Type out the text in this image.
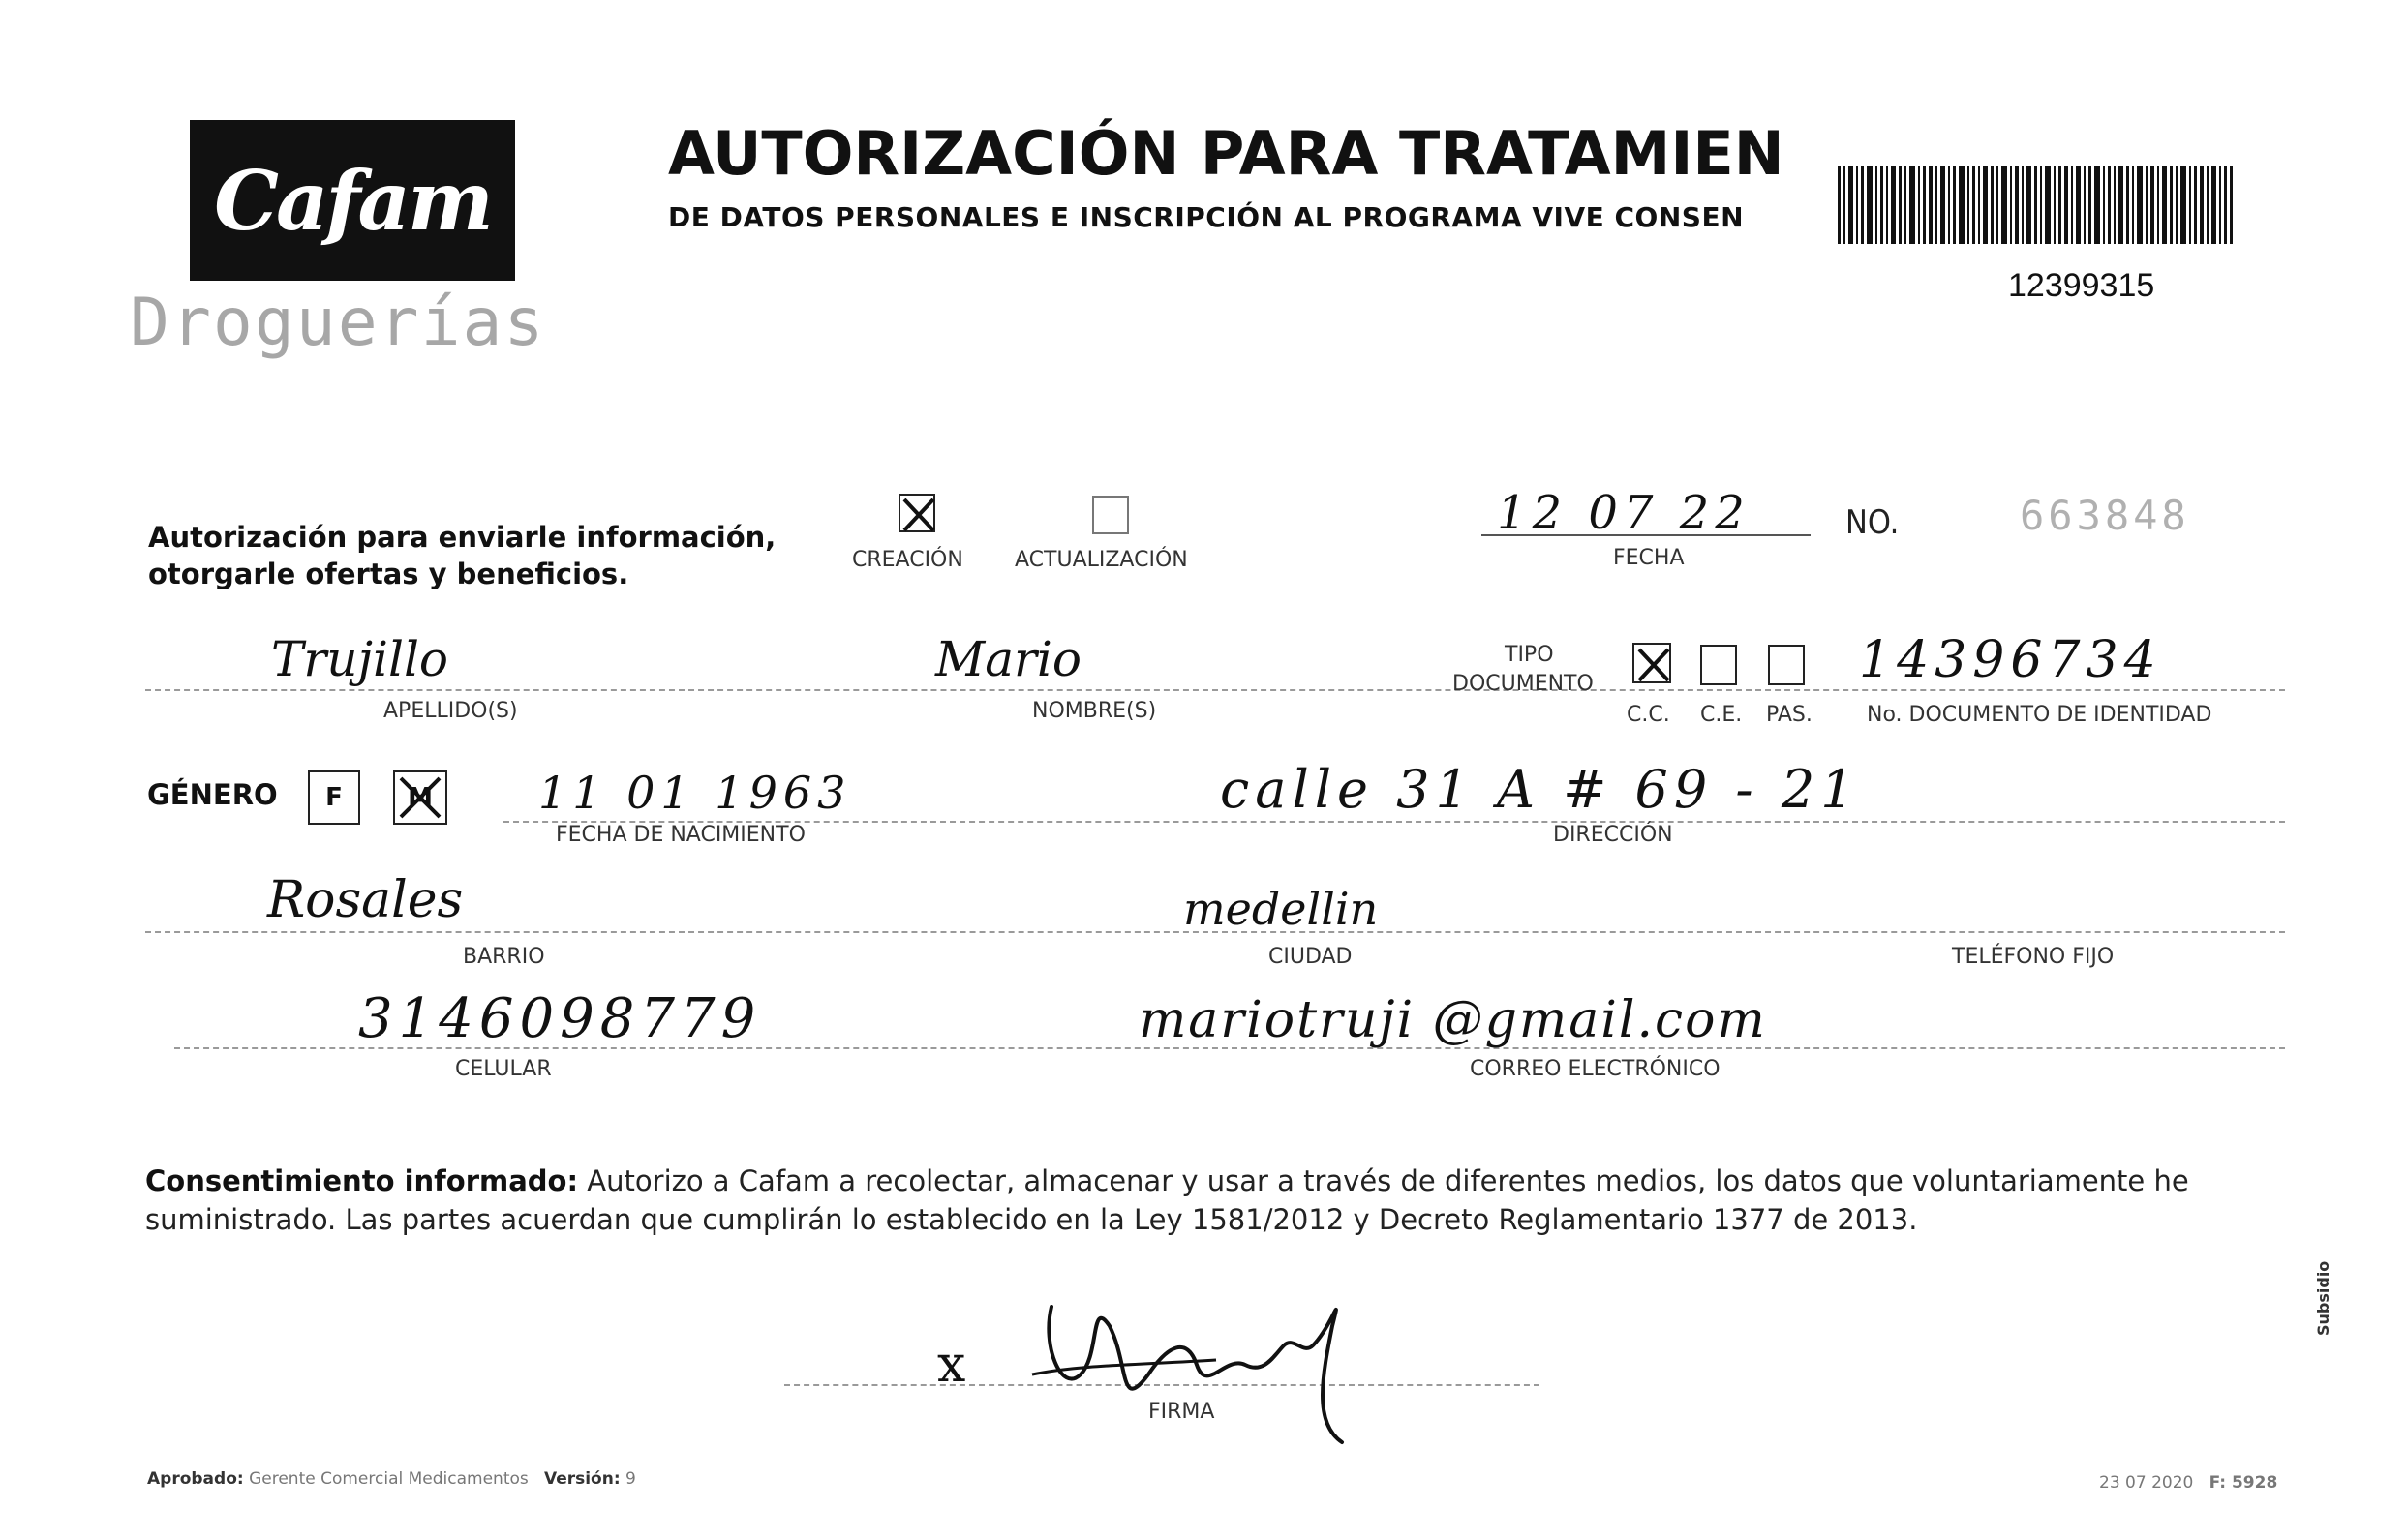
Cafam
Droguerías
AUTORIZACIÓN PARA TRATAMIEN
DE DATOS PERSONALES E INSCRIPCIÓN AL PROGRAMA VIVE CONSEN
12399315
Autorización para enviarle información,
otorgarle ofertas y beneficios.	CREACIÓN ACTUALIZACIÓN
12 07 22
FECHA
NO.	663848
Trujillo
APELLIDO(S)
Mario
NOMBRE(S)
TIPO
DOCUMENTO
C.C. C.E. PAS.
14396734
No. DOCUMENTO DE IDENTIDAD
GÉNERO F	M 11 01 1963
FECHA DE NACIMIENTO
calle 31 A # 69 - 21
DIRECCIÓN
Rosales
BARRIO
medellin
CIUDAD	TELÉFONO FIJO
3146098779
CELULAR
mariotruji @gmail.com
CORREO ELECTRÓNICO
Consentimiento informado: Autorizo a Cafam a recolectar, almacenar y usar a través de diferentes medios, los datos que voluntariamente he suministrado. Las partes acuerdan que cumplirán lo establecido en la Ley 1581/2012 y Decreto Reglamentario 1377 de 2013.
x
FIRMA
Aprobado: Gerente Comercial Medicamentos Versión: 9	23 07 2020 F: 5928
Subsidio
